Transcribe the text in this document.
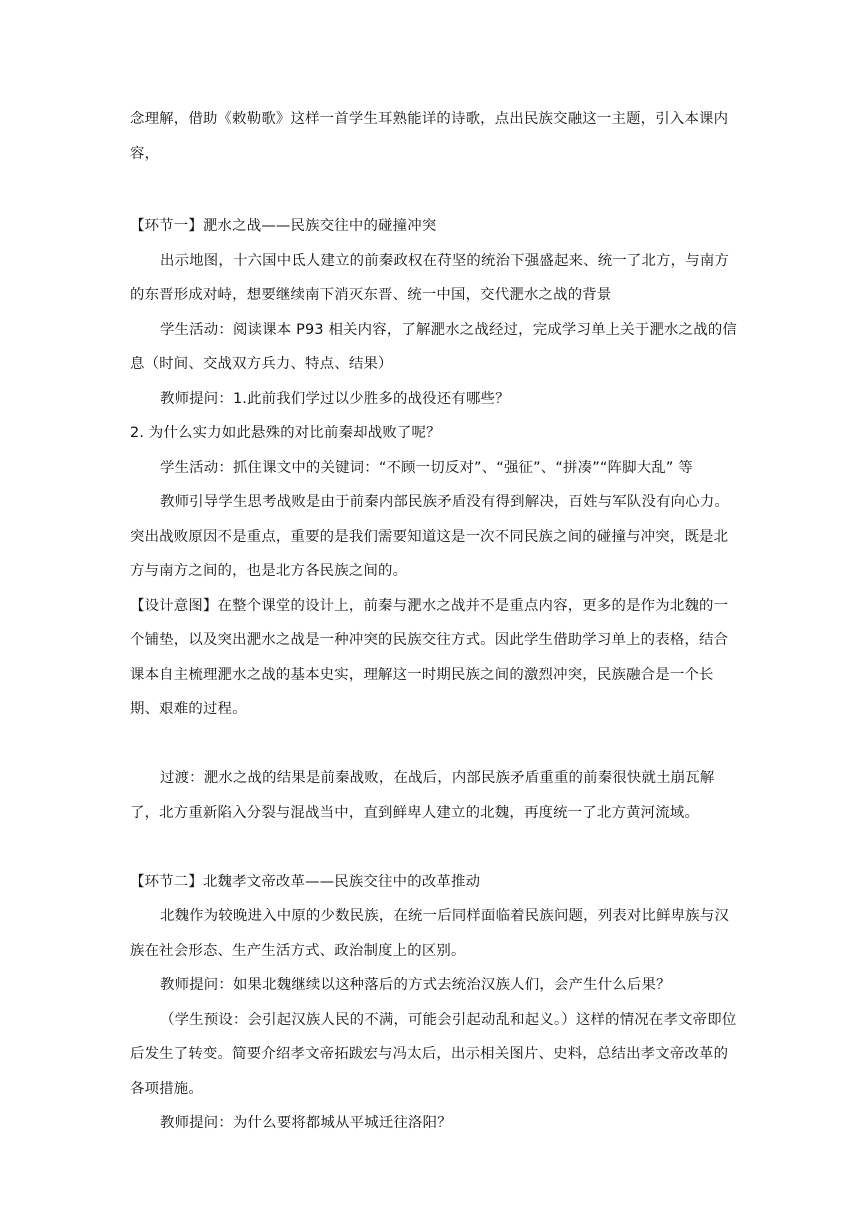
念理解，借助《敕勒歌》这样一首学生耳熟能详的诗歌，点出民族交融这一主题，引入本课内容，

【环节一】淝水之战——民族交往中的碰撞冲突

出示地图，十六国中氐人建立的前秦政权在苻坚的统治下强盛起来、统一了北方，与南方的东晋形成对峙，想要继续南下消灭东晋、统一中国，交代淝水之战的背景

学生活动：阅读课本 P93 相关内容，了解淝水之战经过，完成学习单上关于淝水之战的信息（时间、交战双方兵力、特点、结果）

教师提问：1.此前我们学过以少胜多的战役还有哪些？

2. 为什么实力如此悬殊的对比前秦却战败了呢？

学生活动：抓住课文中的关键词：“不顾一切反对”、“强征”、“拼凑”“阵脚大乱” 等

教师引导学生思考战败是由于前秦内部民族矛盾没有得到解决，百姓与军队没有向心力。突出战败原因不是重点，重要的是我们需要知道这是一次不同民族之间的碰撞与冲突，既是北方与南方之间的，也是北方各民族之间的。

【设计意图】在整个课堂的设计上，前秦与淝水之战并不是重点内容，更多的是作为北魏的一个铺垫，以及突出淝水之战是一种冲突的民族交往方式。因此学生借助学习单上的表格，结合课本自主梳理淝水之战的基本史实，理解这一时期民族之间的激烈冲突，民族融合是一个长期、艰难的过程。

过渡：淝水之战的结果是前秦战败，在战后，内部民族矛盾重重的前秦很快就土崩瓦解了，北方重新陷入分裂与混战当中，直到鲜卑人建立的北魏，再度统一了北方黄河流域。

【环节二】北魏孝文帝改革——民族交往中的改革推动

北魏作为较晚进入中原的少数民族，在统一后同样面临着民族问题，列表对比鲜卑族与汉族在社会形态、生产生活方式、政治制度上的区别。

教师提问：如果北魏继续以这种落后的方式去统治汉族人们，会产生什么后果？

（学生预设：会引起汉族人民的不满，可能会引起动乱和起义。）这样的情况在孝文帝即位后发生了转变。简要介绍孝文帝拓跋宏与冯太后，出示相关图片、史料，总结出孝文帝改革的各项措施。

教师提问：为什么要将都城从平城迁往洛阳？
